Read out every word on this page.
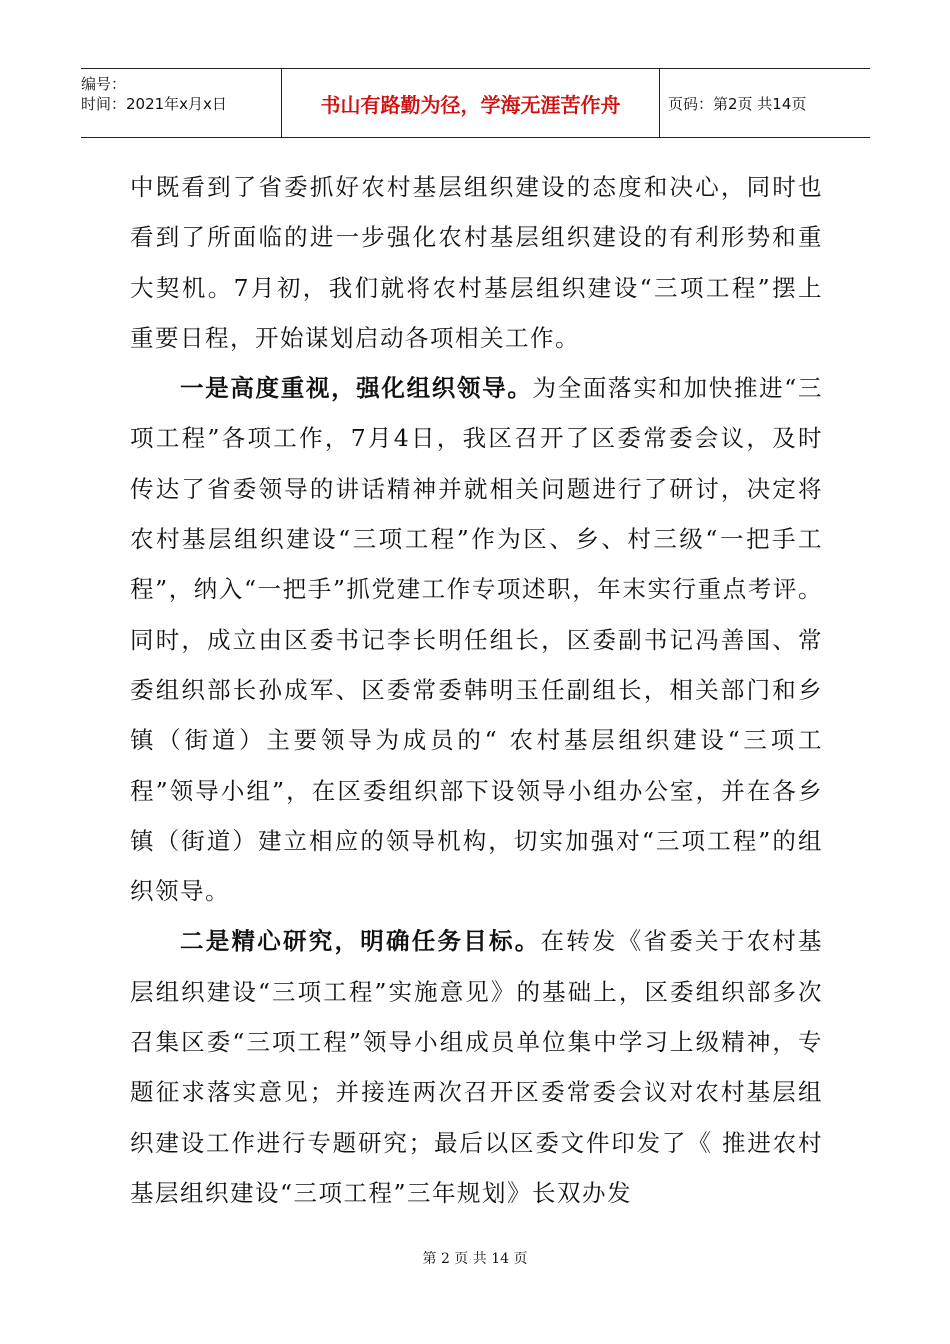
编号：
时间：2021年x月x日	书山有路勤为径，学海无涯苦作舟	页码：第2页 共14页

中既看到了省委抓好农村基层组织建设的态度和决心，同时也看到了所面临的进一步强化农村基层组织建设的有利形势和重大契机。7月初，我们就将农村基层组织建设“三项工程”摆上重要日程，开始谋划启动各项相关工作。

一是高度重视，强化组织领导。为全面落实和加快推进“三项工程”各项工作，7月4日，我区召开了区委常委会议，及时传达了省委领导的讲话精神并就相关问题进行了研讨，决定将农村基层组织建设“三项工程”作为区、乡、村三级“一把手工程”，纳入“一把手”抓党建工作专项述职，年末实行重点考评。同时，成立由区委书记李长明任组长，区委副书记冯善国、常委组织部长孙成军、区委常委韩明玉任副组长，相关部门和乡镇（街道）主要领导为成员的“ 农村基层组织建设“三项工程”领导小组”，在区委组织部下设领导小组办公室，并在各乡镇（街道）建立相应的领导机构，切实加强对“三项工程”的组织领导。

二是精心研究，明确任务目标。在转发《省委关于农村基层组织建设“三项工程”实施意见》的基础上，区委组织部多次召集区委“三项工程”领导小组成员单位集中学习上级精神，专题征求落实意见；并接连两次召开区委常委会议对农村基层组织建设工作进行专题研究；最后以区委文件印发了《 推进农村基层组织建设“三项工程”三年规划》长双办发

第 2 页 共 14 页
